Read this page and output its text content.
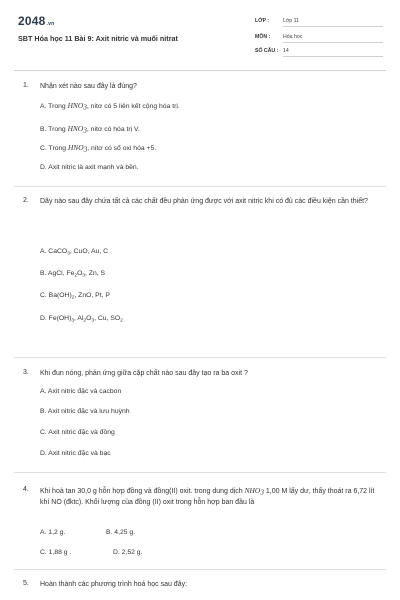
2048.vn
SBT Hóa học 11 Bài 9: Axit nitric và muối nitrat
LỚP :	Lớp 11
MÔN : Hóa học
SỐ CÂU : 14
1. Nhận xét nào sau đây là đúng?
A. Trong $HNO_3$, nitơ có 5 liên kết cộng hóa trị.
B. Trong $HNO_3$, nitơ có hóa trị V.
C. Trong $HNO_3$, nitơ có số oxi hóa +5.
D. Axit nitric là axit mạnh và bền.
2. Dãy nào sau đây chứa tất cả các chất đều phản ứng được với axit nitric khi có đủ các điều kiện cần thiết?
A. CaCO$_3$, CuO, Au, C
B. AgCl, $Fe_2O_3$, Zn, S
C. $Ba(OH)_2$, ZnO, Pt, P
D. $Fe(OH)_3$, $Al_2O_3$, Cu, $SO_2$
3. Khi đun nóng, phản ứng giữa cặp chất nào sau đây tạo ra ba oxit ?
A. Axit nitric đặc và cacbon
B. Axit nitric đặc và lưu huỳnh
C. Axit nitric đặc và đồng
D. Axit nitric đặc và bạc
4. Khi hoà tan 30,0 g hỗn hợp đồng và đồng(II) oxit. trong dung dịch $NHO_3$ 1,00 M lấy dư, thấy thoát ra 6,72 lít khí NO (đktc). Khối lượng của đồng (II) oxit trong hỗn hợp ban đầu là
A. 1,2 g.	B. 4,25 g.
C. 1,88 g .	D. 2,52 g.
5. Hoàn thành các phương trình hoá học sau đây:
